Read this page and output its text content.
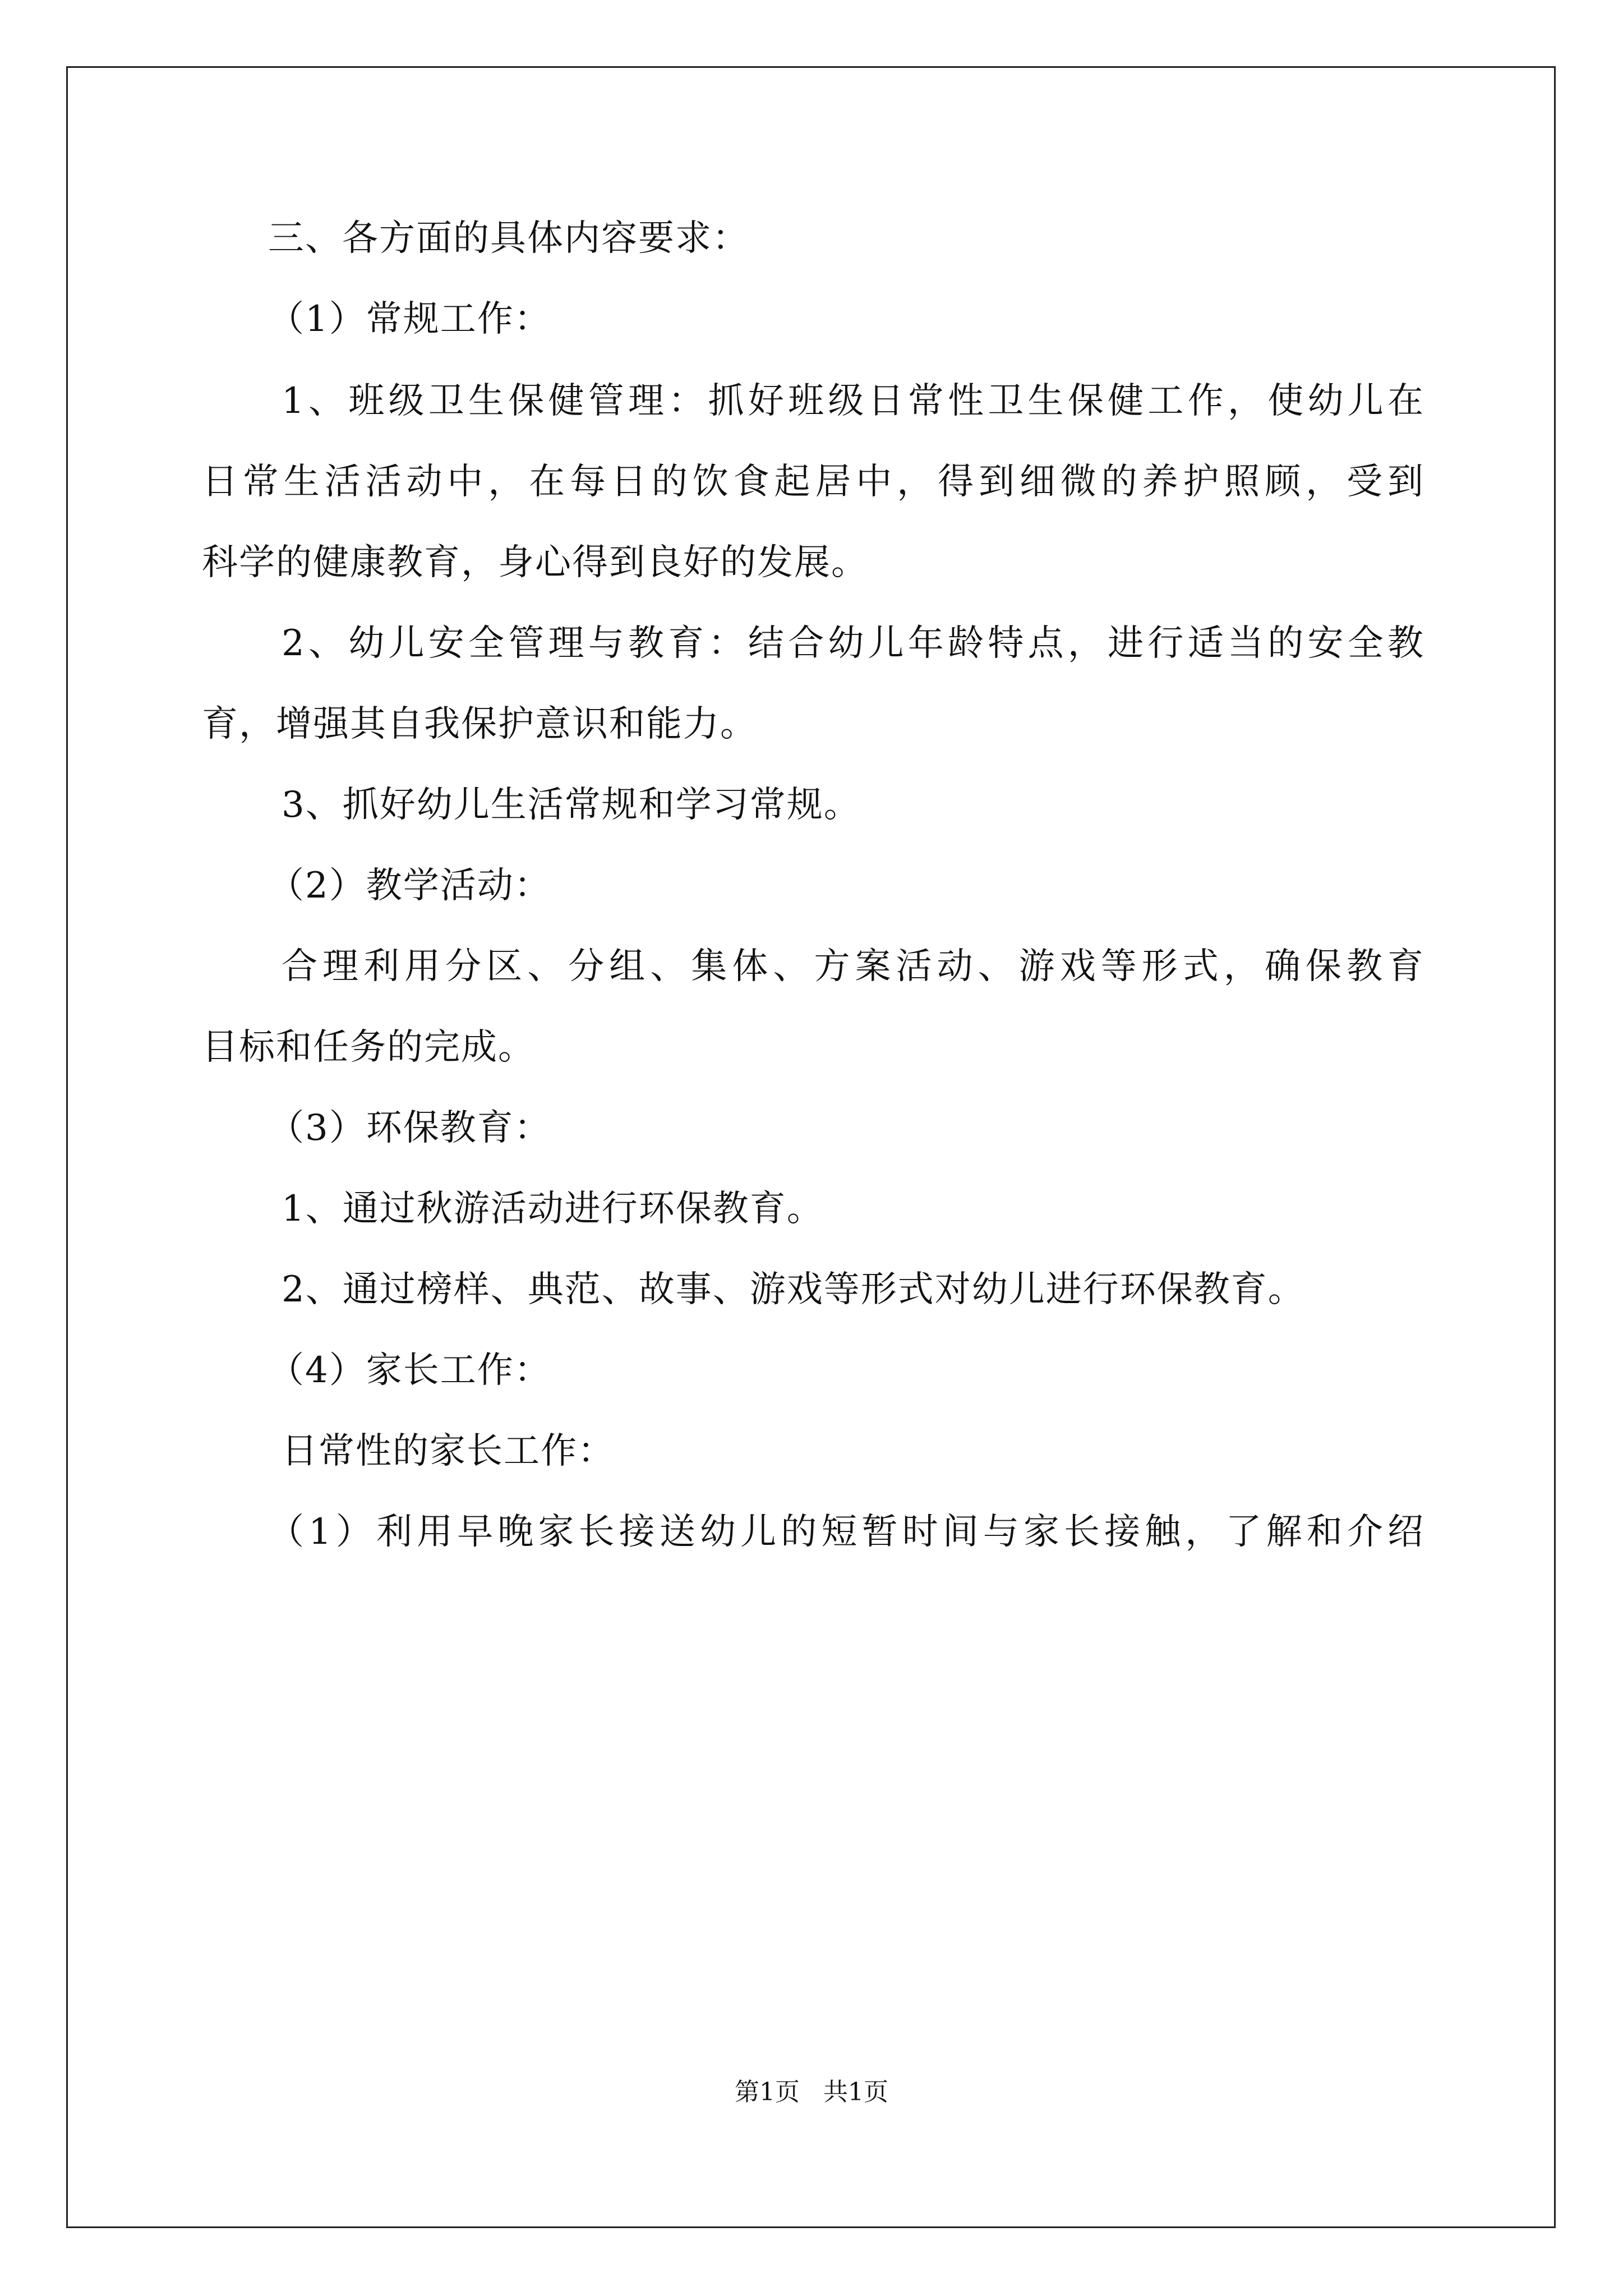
三、各方面的具体内容要求：
（1）常规工作：
1、班级卫生保健管理：抓好班级日常性卫生保健工作，使幼儿在
日常生活活动中，在每日的饮食起居中，得到细微的养护照顾，受到
科学的健康教育，身心得到良好的发展。
2、幼儿安全管理与教育：结合幼儿年龄特点，进行适当的安全教
育，增强其自我保护意识和能力。
3、抓好幼儿生活常规和学习常规。
（2）教学活动：
合理利用分区、分组、集体、方案活动、游戏等形式，确保教育
目标和任务的完成。
（3）环保教育：
1、通过秋游活动进行环保教育。
2、通过榜样、典范、故事、游戏等形式对幼儿进行环保教育。
（4）家长工作：
日常性的家长工作：
（1）利用早晚家长接送幼儿的短暂时间与家长接触，了解和介绍
第1页 共1页
